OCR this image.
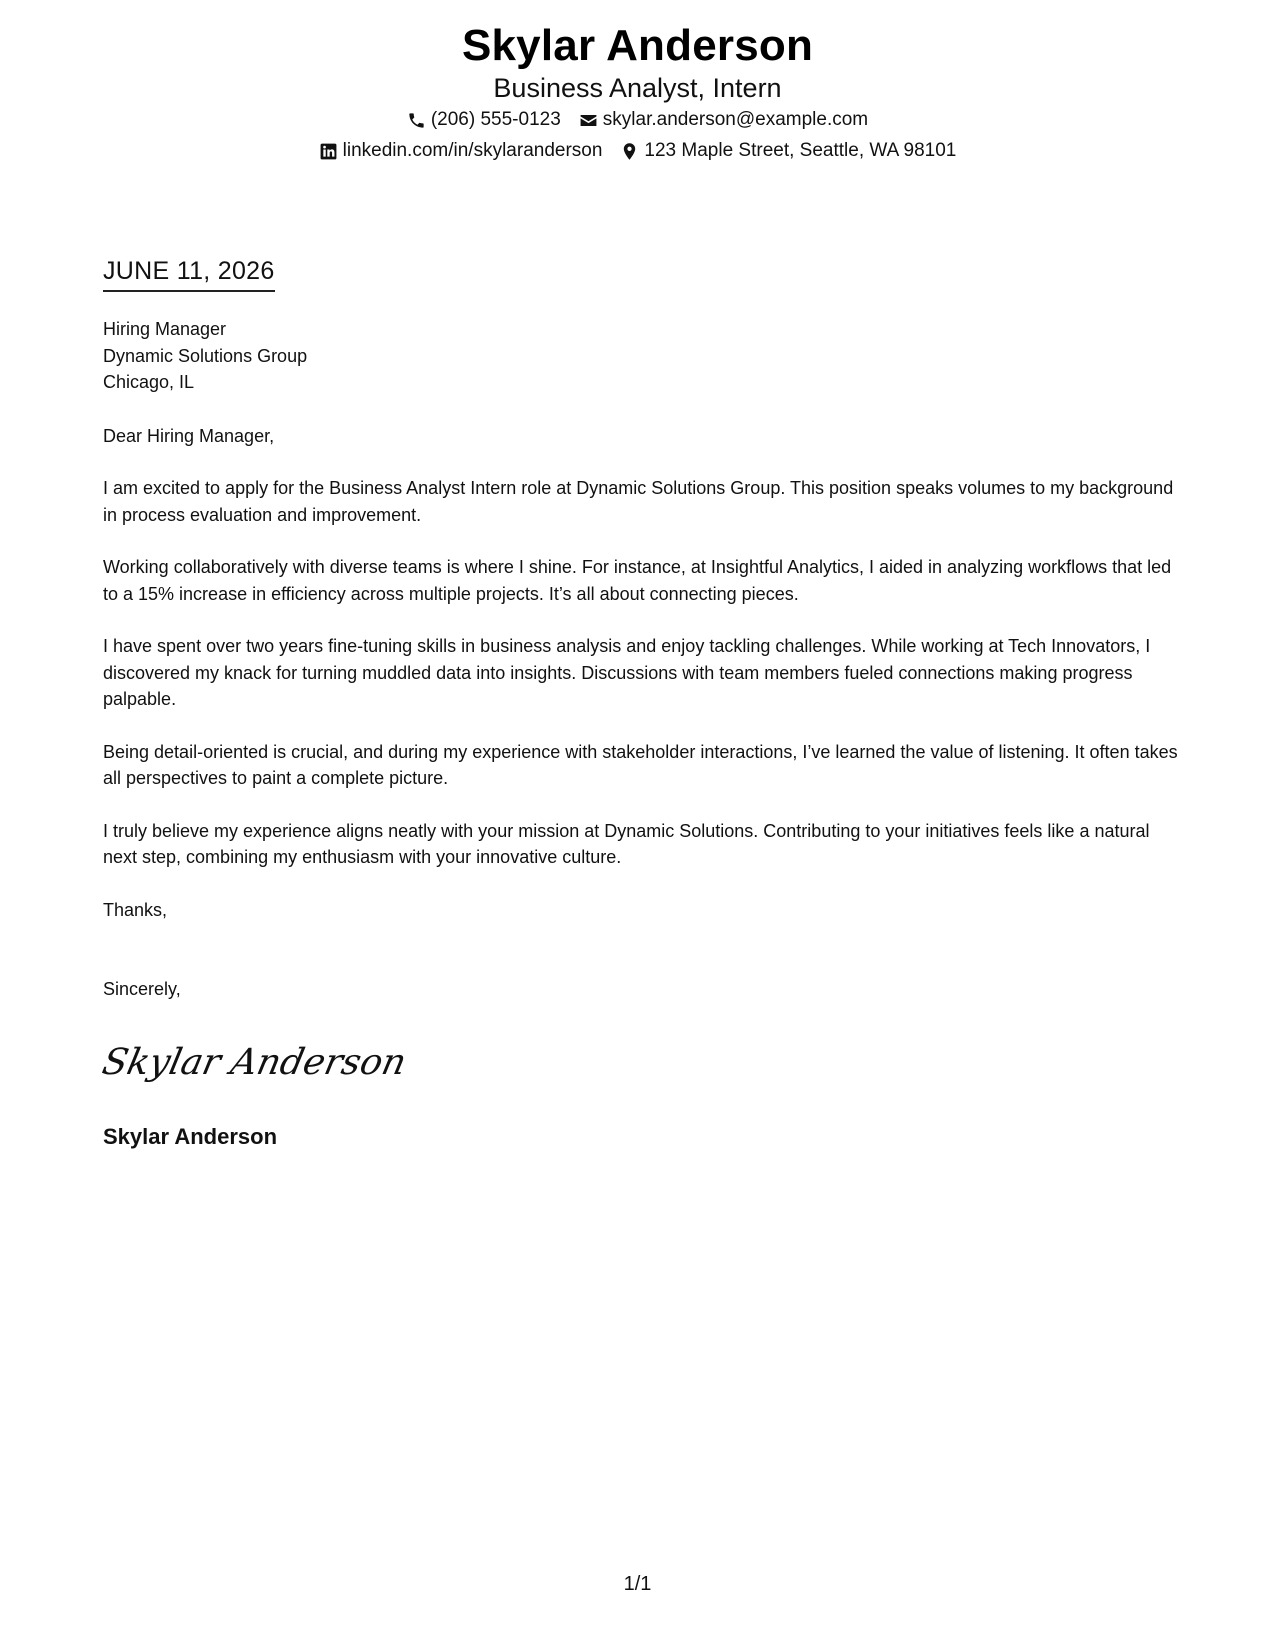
Skylar Anderson
Business Analyst, Intern
(206) 555-0123 skylar.anderson@example.com
linkedin.com/in/skylaranderson 123 Maple Street, Seattle, WA 98101
JUNE 11, 2026
Hiring Manager
Dynamic Solutions Group
Chicago, IL
Dear Hiring Manager,

I am excited to apply for the Business Analyst Intern role at Dynamic Solutions Group. This position speaks volumes to my background in process evaluation and improvement.

Working collaboratively with diverse teams is where I shine. For instance, at Insightful Analytics, I aided in analyzing workflows that led to a 15% increase in efficiency across multiple projects. It’s all about connecting pieces.

I have spent over two years fine-tuning skills in business analysis and enjoy tackling challenges. While working at Tech Innovators, I discovered my knack for turning muddled data into insights. Discussions with team members fueled connections making progress palpable.

Being detail-oriented is crucial, and during my experience with stakeholder interactions, I’ve learned the value of listening. It often takes all perspectives to paint a complete picture.

I truly believe my experience aligns neatly with your mission at Dynamic Solutions. Contributing to your initiatives feels like a natural next step, combining my enthusiasm with your innovative culture.

Thanks,
Sincerely,
Skylar Anderson
Skylar Anderson
1/1
